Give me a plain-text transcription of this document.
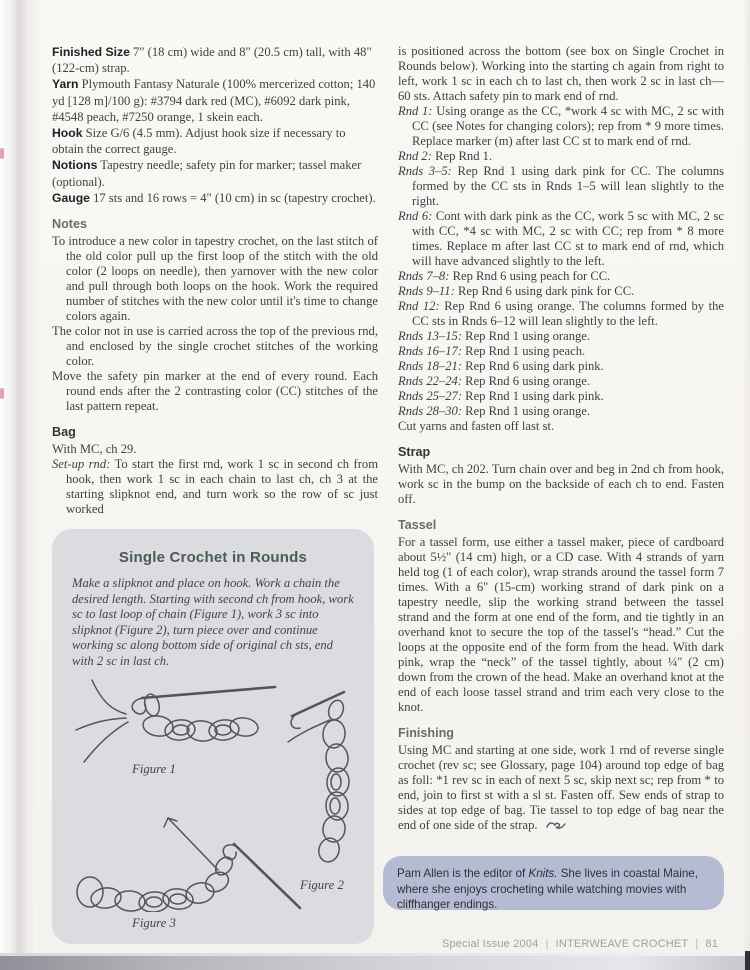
Finished Size 7" (18 cm) wide and 8" (20.5 cm) tall, with 48" (122-cm) strap.

Yarn Plymouth Fantasy Naturale (100% mercerized cotton; 140 yd [128 m]/100 g): #3794 dark red (MC), #6092 dark pink, #4548 peach, #7250 orange, 1 skein each.

Hook Size G/6 (4.5 mm). Adjust hook size if necessary to obtain the correct gauge.

Notions Tapestry needle; safety pin for marker; tassel maker (optional).

Gauge 17 sts and 16 rows = 4" (10 cm) in sc (tapestry crochet).

Notes

To introduce a new color in tapestry crochet, on the last stitch of the old color pull up the first loop of the stitch with the old color (2 loops on needle), then yarnover with the new color and pull through both loops on the hook. Work the required number of stitches with the new color until it's time to change colors again.

The color not in use is carried across the top of the previous rnd, and enclosed by the single crochet stitches of the working color.

Move the safety pin marker at the end of every round. Each round ends after the 2 contrasting color (CC) stitches of the last pattern repeat.

Bag

With MC, ch 29.

Set-up rnd: To start the first rnd, work 1 sc in second ch from hook, then work 1 sc in each chain to last ch, ch 3 at the starting slipknot end, and turn work so the row of sc just worked

Single Crochet in Rounds

Make a slipknot and place on hook. Work a chain the desired length. Starting with second ch from hook, work sc to last loop of chain (Figure 1), work 3 sc into slipknot (Figure 2), turn piece over and continue working sc along bottom side of original ch sts, end with 2 sc in last ch.

Figure 1
Figure 2
Figure 3

is positioned across the bottom (see box on Single Crochet in Rounds below). Working into the starting ch again from right to left, work 1 sc in each ch to last ch, then work 2 sc in last ch—60 sts. Attach safety pin to mark end of rnd.

Rnd 1: Using orange as the CC, *work 4 sc with MC, 2 sc with CC (see Notes for changing colors); rep from * 9 more times. Replace marker (m) after last CC st to mark end of rnd.

Rnd 2: Rep Rnd 1.

Rnds 3–5: Rep Rnd 1 using dark pink for CC. The columns formed by the CC sts in Rnds 1–5 will lean slightly to the right.

Rnd 6: Cont with dark pink as the CC, work 5 sc with MC, 2 sc with CC, *4 sc with MC, 2 sc with CC; rep from * 8 more times. Replace m after last CC st to mark end of rnd, which will have advanced slightly to the left.

Rnds 7–8: Rep Rnd 6 using peach for CC.

Rnds 9–11: Rep Rnd 6 using dark pink for CC.

Rnd 12: Rep Rnd 6 using orange. The columns formed by the CC sts in Rnds 6–12 will lean slightly to the left.

Rnds 13–15: Rep Rnd 1 using orange.

Rnds 16–17: Rep Rnd 1 using peach.

Rnds 18–21: Rep Rnd 6 using dark pink.

Rnds 22–24: Rep Rnd 6 using orange.

Rnds 25–27: Rep Rnd 1 using dark pink.

Rnds 28–30: Rep Rnd 1 using orange.

Cut yarns and fasten off last st.

Strap

With MC, ch 202. Turn chain over and beg in 2nd ch from hook, work sc in the bump on the backside of each ch to end. Fasten off.

Tassel

For a tassel form, use either a tassel maker, piece of cardboard about 5½" (14 cm) high, or a CD case. With 4 strands of yarn held tog (1 of each color), wrap strands around the tassel form 7 times. With a 6" (15-cm) working strand of dark pink on a tapestry needle, slip the working strand between the tassel strand and the form at one end of the form, and tie tightly in an overhand knot to secure the top of the tassel's “head.” Cut the loops at the opposite end of the form from the head. With dark pink, wrap the “neck” of the tassel tightly, about ¼" (2 cm) down from the crown of the head. Make an overhand knot at the end of each loose tassel strand and trim each very close to the knot.

Finishing

Using MC and starting at one side, work 1 rnd of reverse single crochet (rev sc; see Glossary, page 104) around top edge of bag as foll: *1 rev sc in each of next 5 sc, skip next sc; rep from * to end, join to first st with a sl st. Fasten off. Sew ends of strap to sides at top edge of bag. Tie tassel to top edge of bag near the end of one side of the strap.

Pam Allen is the editor of Knits. She lives in coastal Maine, where she enjoys crocheting while watching movies with cliffhanger endings.
Special Issue 2004 | INTERWEAVE CROCHET | 81
